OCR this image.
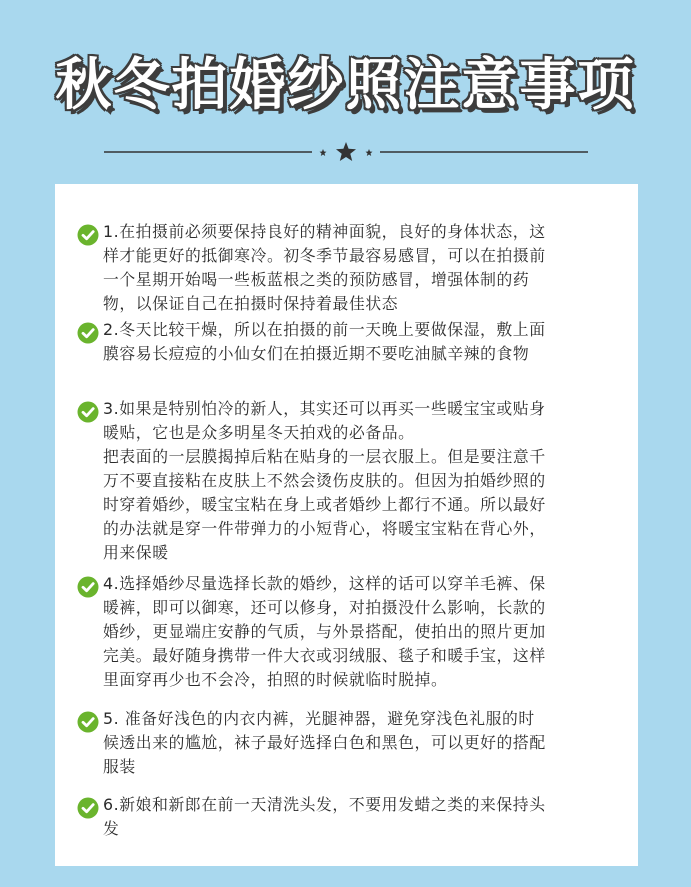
秋冬拍婚纱照注意事项
1.在拍摄前必须要保持良好的精神面貌，良好的身体状态，这
样才能更好的抵御寒冷。初冬季节最容易感冒，可以在拍摄前
一个星期开始喝一些板蓝根之类的预防感冒，增强体制的药
物，以保证自己在拍摄时保持着最佳状态
2.冬天比较干燥，所以在拍摄的前一天晚上要做保湿，敷上面
膜容易长痘痘的小仙女们在拍摄近期不要吃油腻辛辣的食物
3.如果是特别怕冷的新人，其实还可以再买一些暖宝宝或贴身
暖贴，它也是众多明星冬天拍戏的必备品。
把表面的一层膜揭掉后粘在贴身的一层衣服上。但是要注意千
万不要直接粘在皮肤上不然会烫伤皮肤的。但因为拍婚纱照的
时穿着婚纱，暖宝宝粘在身上或者婚纱上都行不通。所以最好
的办法就是穿一件带弹力的小短背心，将暖宝宝粘在背心外，
用来保暖
4.选择婚纱尽量选择长款的婚纱，这样的话可以穿羊毛裤、保
暖裤，即可以御寒，还可以修身，对拍摄没什么影响，长款的
婚纱，更显端庄安静的气质，与外景搭配，使拍出的照片更加
完美。最好随身携带一件大衣或羽绒服、毯子和暖手宝，这样
里面穿再少也不会冷，拍照的时候就临时脱掉。
5. 准备好浅色的内衣内裤，光腿神器，避免穿浅色礼服的时
候透出来的尴尬，袜子最好选择白色和黑色，可以更好的搭配
服装
6.新娘和新郎在前一天清洗头发，不要用发蜡之类的来保持头
发
